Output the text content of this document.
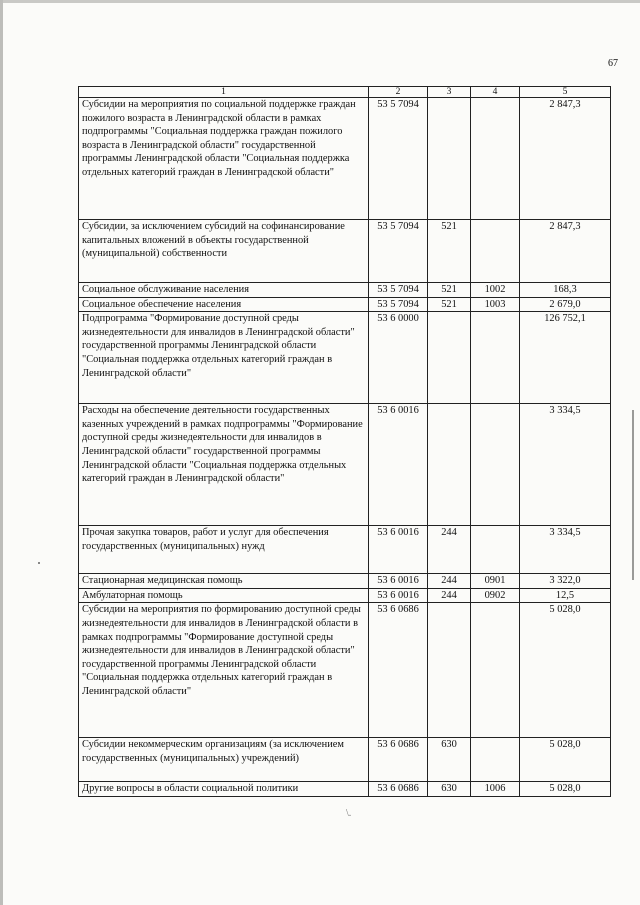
67
1	2	3	4	5
Субсидии на мероприятия по социальной поддержке граждан пожилого возраста в Ленинградской области в рамках подпрограммы "Социальная поддержка граждан пожилого возраста в Ленинградской области" государственной программы Ленинградской области "Социальная поддержка отдельных категорий граждан в Ленинградской области"	53 5 7094			2 847,3
Субсидии, за исключением субсидий на софинансирование капитальных вложений в объекты государственной (муниципальной) собственности	53 5 7094	521		2 847,3
Социальное обслуживание населения	53 5 7094	521	1002	168,3
Социальное обеспечение населения	53 5 7094	521	1003	2 679,0
Подпрограмма "Формирование доступной среды жизнедеятельности для инвалидов в Ленинградской области" государственной программы Ленинградской области "Социальная поддержка отдельных категорий граждан в Ленинградской области"	53 6 0000			126 752,1
Расходы на обеспечение деятельности государственных казенных учреждений в рамках подпрограммы "Формирование доступной среды жизнедеятельности для инвалидов в Ленинградской области" государственной программы Ленинградской области "Социальная поддержка отдельных категорий граждан в Ленинградской области"	53 6 0016			3 334,5
Прочая закупка товаров, работ и услуг для обеспечения государственных (муниципальных) нужд	53 6 0016	244		3 334,5
Стационарная медицинская помощь	53 6 0016	244	0901	3 322,0
Амбулаторная помощь	53 6 0016	244	0902	12,5
Субсидии на мероприятия по формированию доступной среды жизнедеятельности для инвалидов в Ленинградской области в рамках подпрограммы "Формирование доступной среды жизнедеятельности для инвалидов в Ленинградской области" государственной программы Ленинградской области "Социальная поддержка отдельных категорий граждан в Ленинградской области"	53 6 0686			5 028,0
Субсидии некоммерческим организациям (за исключением государственных (муниципальных) учреждений)	53 6 0686	630		5 028,0
Другие вопросы в области социальной политики	53 6 0686	630	1006	5 028,0
\.
